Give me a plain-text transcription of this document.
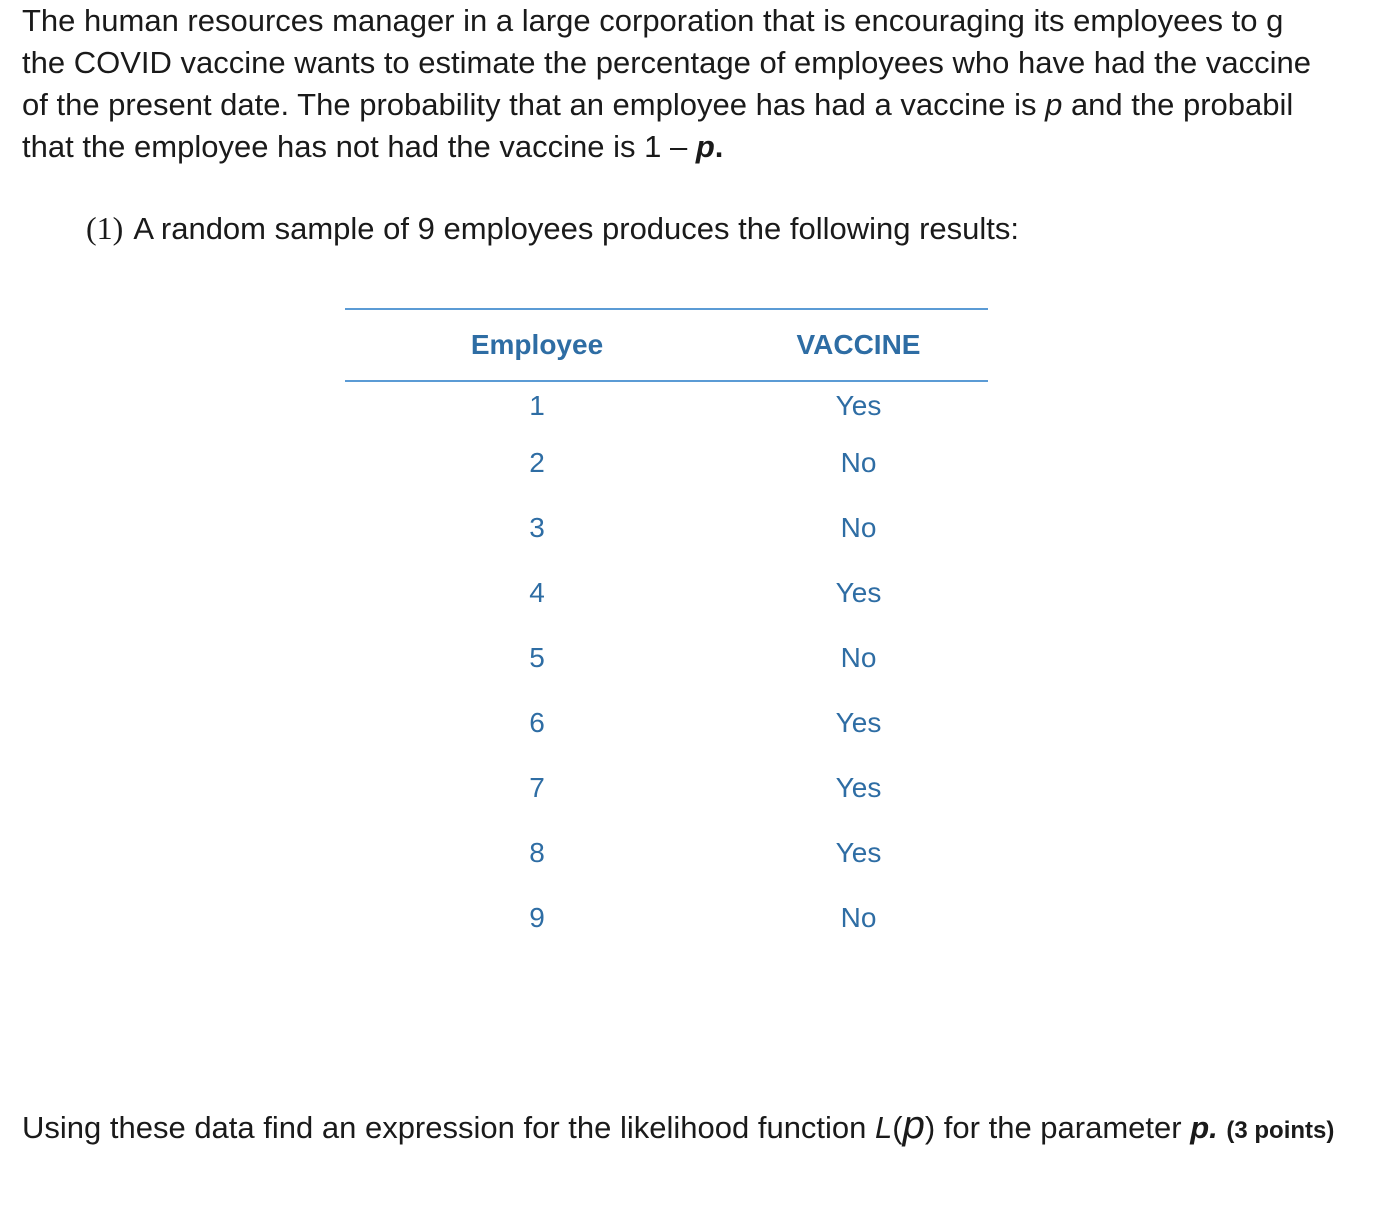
The human resources manager in a large corporation that is encouraging its employees to g
the COVID vaccine wants to estimate the percentage of employees who have had the vaccine
of the present date. The probability that an employee has had a vaccine is p and the probabil
that the employee has not had the vaccine is 1 – p.
(1) A random sample of 9 employees produces the following results:
Employee	VACCINE
1	Yes
2	No
3	No
4	Yes
5	No
6	Yes
7	Yes
8	Yes
9	No
Using these data find an expression for the likelihood function L(p) for the parameter p. (3 points)
